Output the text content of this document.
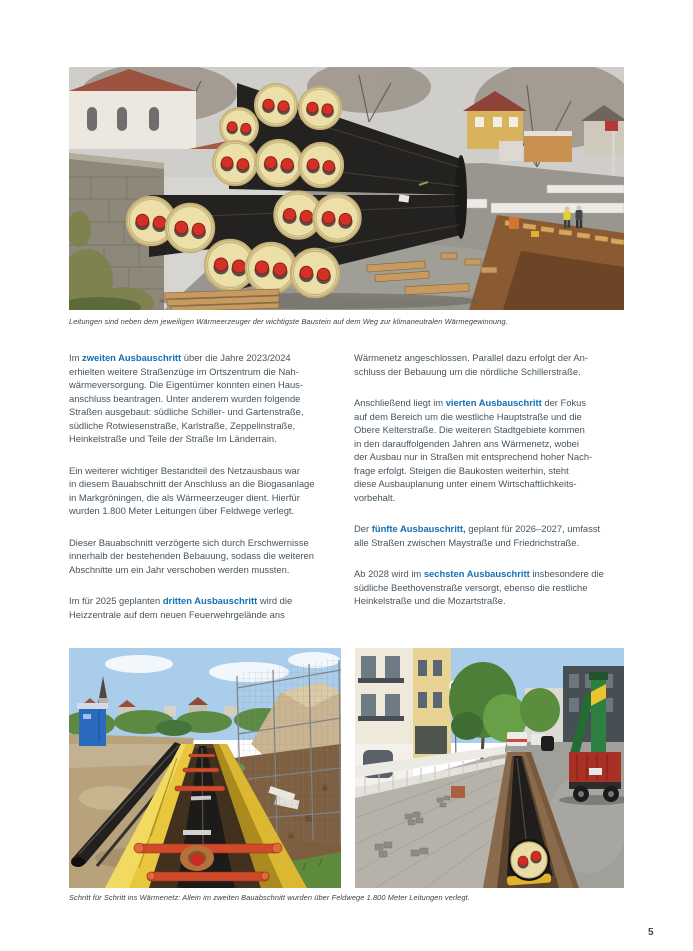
Leitungen sind neben dem jeweiligen Wärmeerzeuger der wichtigste Baustein auf dem Weg zur klimaneutralen Wärmegewinnung.

Im zweiten Ausbauschritt über die Jahre 2023/2024
erhielten weitere Straßenzüge im Ortszentrum die Nah-
wärmeversorgung. Die Eigentümer konnten einen Haus-
anschluss beantragen. Unter anderem wurden folgende
Straßen ausgebaut: südliche Schiller- und Gartenstraße,
südliche Rotwiesenstraße, Karlstraße, Zeppelinstraße,
Heinkelstraße und Teile der Straße Im Länderrain.

Ein weiterer wichtiger Bestandteil des Netzausbaus war
in diesem Bauabschnitt der Anschluss an die Biogasanlage
in Markgröningen, die als Wärmeerzeuger dient. Hierfür
wurden 1.800 Meter Leitungen über Feldwege verlegt.

Dieser Bauabschnitt verzögerte sich durch Erschwernisse
innerhalb der bestehenden Bebauung, sodass die weiteren
Abschnitte um ein Jahr verschoben werden mussten.

Im für 2025 geplanten dritten Ausbauschritt wird die
Heizzentrale auf dem neuen Feuerwehrgelände ans

Wärmenetz angeschlossen. Parallel dazu erfolgt der An-
schluss der Bebauung um die nördliche Schillerstraße.

Anschließend liegt im vierten Ausbauschritt der Fokus
auf dem Bereich um die westliche Hauptstraße und die
Obere Kelterstraße. Die weiteren Stadtgebiete kommen
in den darauffolgenden Jahren ans Wärmenetz, wobei
der Ausbau nur in Straßen mit entsprechend hoher Nach-
frage erfolgt. Steigen die Baukosten weiterhin, steht
diese Ausbauplanung unter einem Wirtschaftlichkeits-
vorbehalt.

Der fünfte Ausbauschritt, geplant für 2026–2027, umfasst
alle Straßen zwischen Maystraße und Friedrichstraße.

Ab 2028 wird im sechsten Ausbauschritt insbesondere die
südliche Beethovenstraße versorgt, ebenso die restliche
Heinkelstraße und die Mozartstraße.

Schritt für Schritt ins Wärmenetz: Allein im zweiten Bauabschnitt wurden über Feldwege 1.800 Meter Leitungen verlegt.
5
